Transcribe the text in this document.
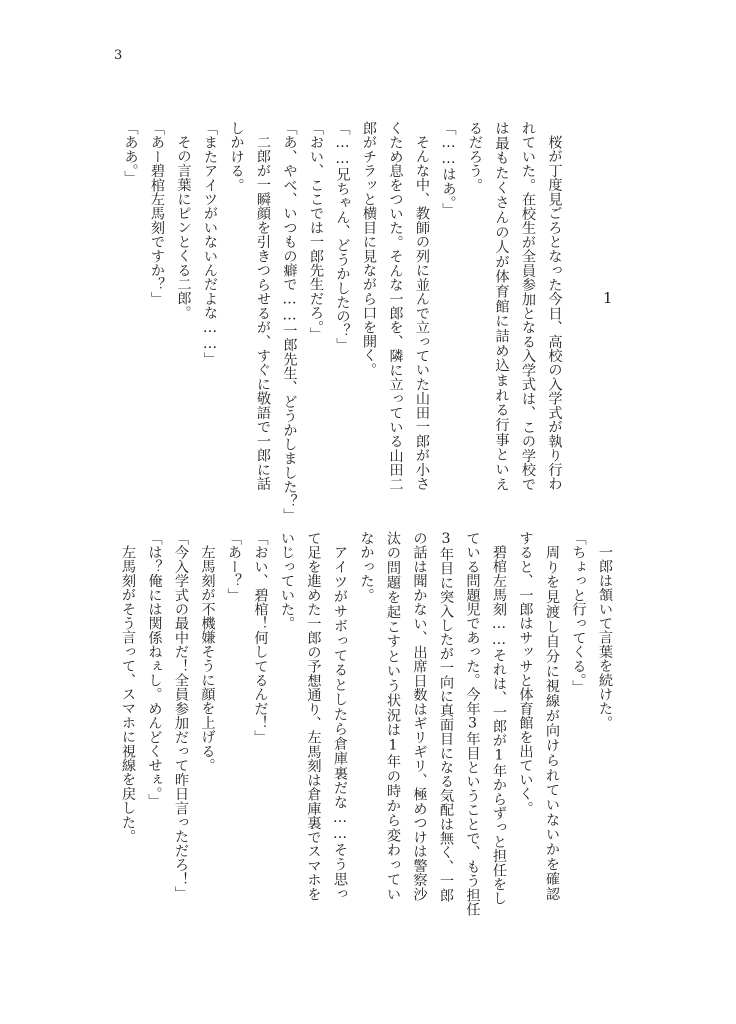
3
1
桜が丁度見ごろとなった今日、高校の入学式が執り行わ
れていた。在校生が全員参加となる入学式は、この学校で
は最もたくさんの人が体育館に詰め込まれる行事といえ
るだろう。
「……はあ。」
そんな中、教師の列に並んで立っていた山田一郎が小さ
くため息をついた。そんな一郎を、隣に立っている山田二
郎がチラッと横目に見ながら口を開く。
「……兄ちゃん、どうかしたの？」
「おい、ここでは一郎先生だろ。」
「あ、やべ、いつもの癖で……一郎先生、どうかしました？」
二郎が一瞬顔を引きつらせるが、すぐに敬語で一郎に話
しかける。
「またアイツがいないんだよな……」
その言葉にピンとくる二郎。
「あー碧棺左馬刻ですか？」
「ああ。」
一郎は頷いて言葉を続けた。
「ちょっと行ってくる。」
周りを見渡し自分に視線が向けられていないかを確認
すると、一郎はサッサと体育館を出ていく。
碧棺左馬刻……それは、一郎が1年からずっと担任をし
ている問題児であった。今年3年目ということで、もう担任
3年目に突入したが一向に真面目になる気配は無く、一郎
の話は聞かない、出席日数はギリギリ、極めつけは警察沙
汰の問題を起こすという状況は1年の時から変わってい
なかった。
アイツがサボってるとしたら倉庫裏だな……そう思っ
て足を進めた一郎の予想通り、左馬刻は倉庫裏でスマホを
いじっていた。
「おい、碧棺！何してるんだ！」
「あー？」
左馬刻が不機嫌そうに顔を上げる。
「今入学式の最中だ！全員参加だって昨日言っただろ！」
「は？俺には関係ねぇし。めんどくせぇ。」
左馬刻がそう言って、スマホに視線を戻した。
